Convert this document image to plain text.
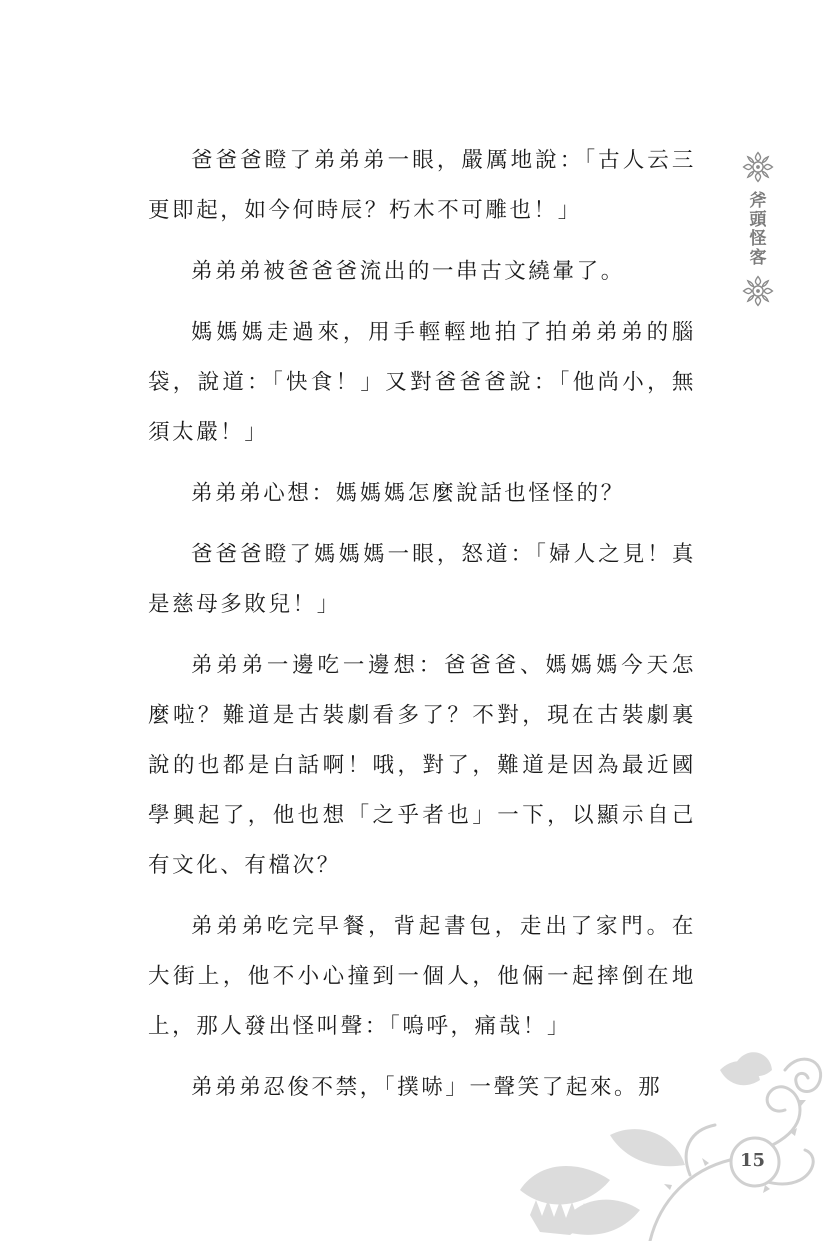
爸爸爸瞪了弟弟弟一眼，嚴厲地說：「古人云三更即起，如今何時辰？朽木不可雕也！」

弟弟弟被爸爸爸流出的一串古文繞暈了。

媽媽媽走過來，用手輕輕地拍了拍弟弟弟的腦袋，說道：「快食！」又對爸爸爸說：「他尚小，無須太嚴！」

弟弟弟心想：媽媽媽怎麼說話也怪怪的？

爸爸爸瞪了媽媽媽一眼，怒道：「婦人之見！真是慈母多敗兒！」

弟弟弟一邊吃一邊想：爸爸爸、媽媽媽今天怎麼啦？難道是古裝劇看多了？不對，現在古裝劇裏說的也都是白話啊！哦，對了，難道是因為最近國學興起了，他也想「之乎者也」一下，以顯示自己有文化、有檔次？

弟弟弟吃完早餐，背起書包，走出了家門。在大街上，他不小心撞到一個人，他倆一起摔倒在地上，那人發出怪叫聲：「嗚呼，痛哉！」

弟弟弟忍俊不禁，「撲哧」一聲笑了起來。那

斧頭怪客
15
